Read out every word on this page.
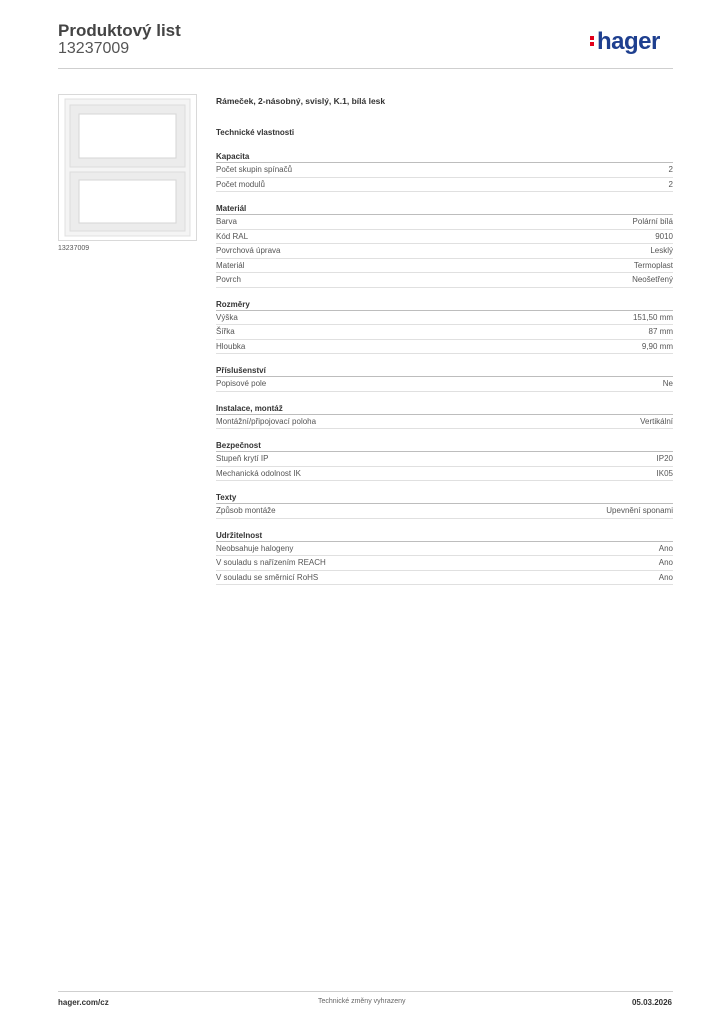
Produktový list
13237009	hager
13237009
Rámeček, 2-násobný, svislý, K.1, bílá lesk
Technické vlastnosti
Kapacita
Počet skupin spínačů	2
Počet modulů	2
Materiál
Barva	Polární bílá
Kód RAL	9010
Povrchová úprava	Lesklý
Materiál	Termoplast
Povrch	Neošetřený
Rozměry
Výška	151,50 mm
Šířka	87 mm
Hloubka	9,90 mm
Příslušenství
Popisové pole	Ne
Instalace, montáž
Montážní/připojovací poloha	Vertikální
Bezpečnost
Stupeň krytí IP	IP20
Mechanická odolnost IK	IK05
Texty
Způsob montáže	Upevnění sponami
Udržitelnost
Neobsahuje halogeny	Ano
V souladu s nařízením REACH	Ano
V souladu se směrnicí RoHS	Ano
hager.com/cz	Technické změny vyhrazeny	05.03.2026
